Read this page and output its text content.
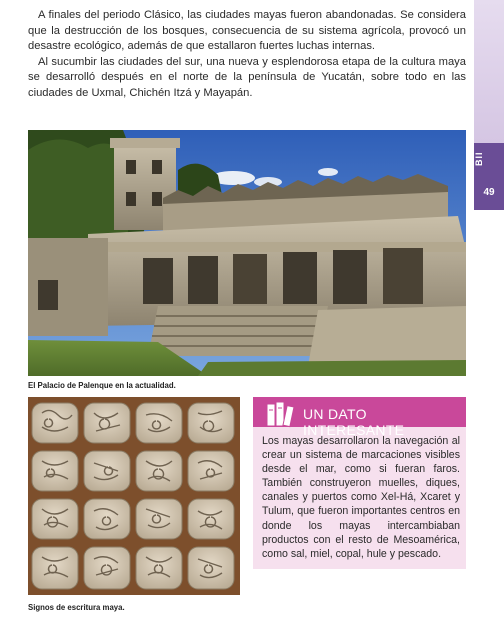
A finales del periodo Clásico, las ciudades mayas fueron abandonadas. Se considera que la destrucción de los bosques, consecuencia de su sistema agrícola, provocó un desastre ecológico, además de que estallaron fuertes luchas internas.

Al sucumbir las ciudades del sur, una nueva y esplendorosa etapa de la cultura maya se desarrolló después en el norte de la península de Yucatán, sobre todo en las ciudades de Uxmal, Chichén Itzá y Mayapán.

BII
49
El Palacio de Palenque en la actualidad.
Signos de escritura maya.
UN DATO INTERESANTE
Los mayas desarrollaron la navegación al crear un sistema de marcaciones visibles desde el mar, como si fueran faros. También construyeron muelles, diques, canales y puertos como Xel-Há, Xcaret y Tulum, que fueron importantes centros en donde los mayas intercambiaban productos con el resto de Mesoamérica, como sal, miel, copal, hule y pescado.
